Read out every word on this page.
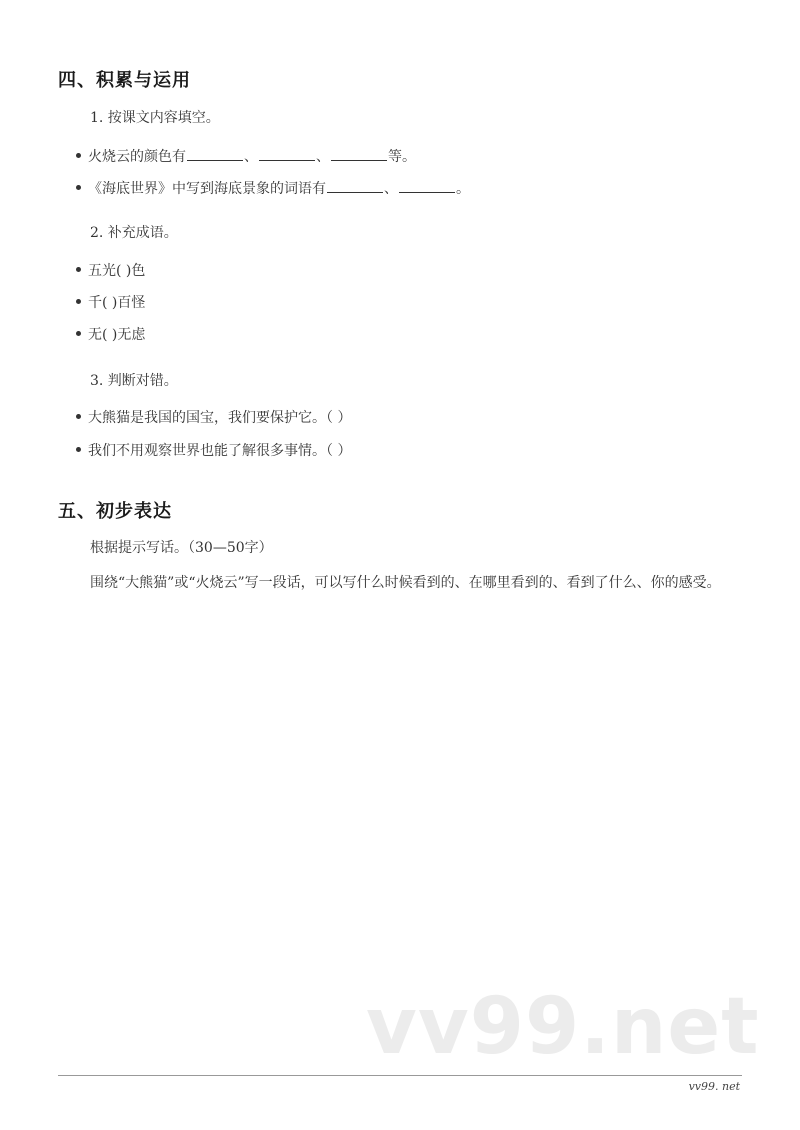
四、积累与运用
1. 按课文内容填空。
火烧云的颜色有	、	、	等。
《海底世界》中写到海底景象的词语有	、	。
2. 补充成语。
五光( )色
千( )百怪
无( )无虑
3. 判断对错。
大熊猫是我国的国宝，我们要保护它。（ ）
我们不用观察世界也能了解很多事情。（ ）
五、初步表达
根据提示写话。（30—50字）
围绕“大熊猫”或“火烧云”写一段话，可以写什么时候看到的、在哪里看到的、看到了什么、你的感受。
vv99.net
vv99. net
